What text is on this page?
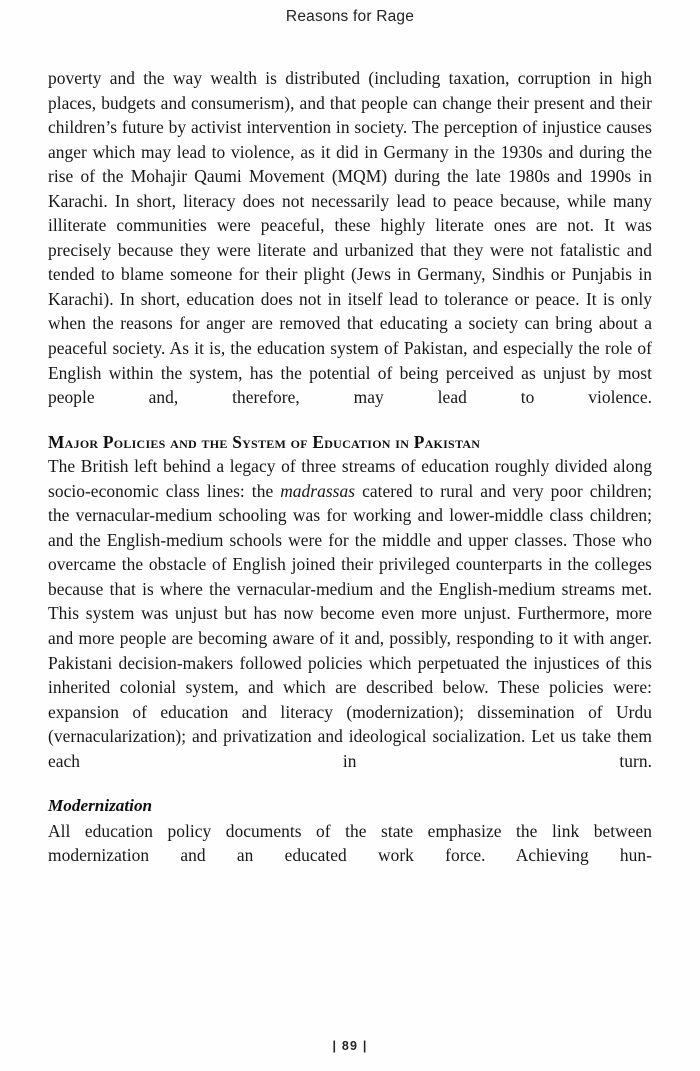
Reasons for Rage

poverty and the way wealth is distributed (including taxation, corruption in high places, budgets and consumerism), and that people can change their present and their children’s future by activist intervention in society. The perception of injustice causes anger which may lead to violence, as it did in Germany in the 1930s and during the rise of the Mohajir Qaumi Movement (MQM) during the late 1980s and 1990s in Karachi. In short, literacy does not necessarily lead to peace because, while many illiterate communities were peaceful, these highly literate ones are not. It was precisely because they were literate and urbanized that they were not fatalistic and tended to blame someone for their plight (Jews in Germany, Sindhis or Punjabis in Karachi). In short, education does not in itself lead to tolerance or peace. It is only when the reasons for anger are removed that educating a society can bring about a peaceful society. As it is, the education system of Pakistan, and especially the role of English within the system, has the potential of being perceived as unjust by most people and, therefore, may lead to violence.

Major Policies and the System of Education in Pakistan

The British left behind a legacy of three streams of education roughly divided along socio-economic class lines: the madrassas catered to rural and very poor children; the vernacular-medium schooling was for working and lower-middle class children; and the English-medium schools were for the middle and upper classes. Those who overcame the obstacle of English joined their privileged counterparts in the colleges because that is where the vernacular-medium and the English-medium streams met. This system was unjust but has now become even more unjust. Furthermore, more and more people are becoming aware of it and, possibly, responding to it with anger. Pakistani decision-makers followed policies which perpetuated the injustices of this inherited colonial system, and which are described below. These policies were: expansion of education and literacy (modernization); dissemination of Urdu (vernacularization); and privatization and ideological socialization. Let us take them each in turn.

Modernization

All education policy documents of the state emphasize the link between modernization and an educated work force. Achieving hun-

| 89 |
